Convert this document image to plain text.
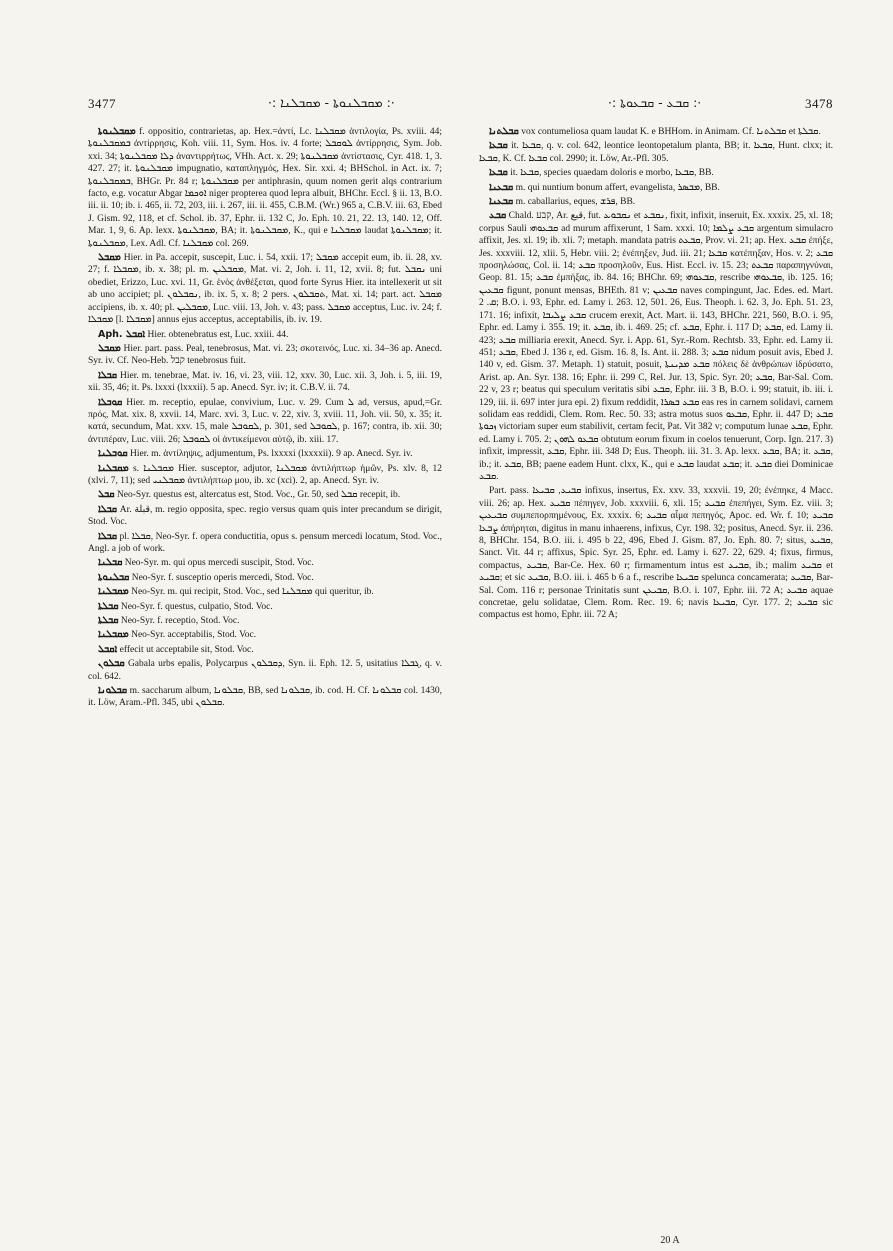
3477	·: ܡܩܒܠܢܘܬܐ - ܡܩܒܠܢܐ :·	·: ܩܒܥ - ܩܒܥܘܬܐ :·	3478

ܡܩܒܠܢܘܬܐ f. oppositio, contrarietas, ap. Hex.=ἀντί, Lc. ܡܩܒܠܢܐ ἀντιλογία, Ps. xviii. 44; ܒܡܩܒܠܢܘܬܐ ἀντίρρησις, Koh. viii. 11, Sym. Hos. iv. 4 forte; ܠܘܩܒܠ ἀντίρρησις, Sym. Job. xxi. 34; ܕܠܐ ܡܩܒܠܢܘܬܐ ἀναντιρρήτως, VHh. Act. x. 29; ܡܩܒܠܢܘܬܐ ἀντίστασις, Cyr. 418. 1, 3. 427. 27; it. ܡܩܒܠܢܘܬܐ impugnatio, καταπληγμός, Hex. Sir. xxi. 4; BHSchol. in Act. ix. 7; ܒܡܩܒܠܢܘܬܐ, BHGr. Pr. 84 r; ܡܩܒܠܢܘܬܐ per antiphrasin, quum nomen gerit alqs contrarium facto, e.g. vocatur Abgar ܐܘܟܡܐ niger propterea quod lepra albuit, BHChr. Eccl. § ii. 13, B.O. iii. ii. 10; ib. i. 465, ii. 72, 203, iii. i. 267, iii. ii. 455, C.B.M. (Wr.) 965 a, C.B.V. iii. 63, Ebed J. Gism. 92, 118, et cf. Schol. ib. 37, Ephr. ii. 132 C, Jo. Eph. 10. 21, 22. 13, 140. 12, Off. Mar. 1, 9, 6. Ap. lexx. ܡܩܒܠܢܘܬܐ, BA; it. ܡܩܒܠܢܘܬܐ, K., qui e ܡܩܒܠܢܐ laudat ܡܩܒܠܢܘܬܐ; it. ܡܩܒܠܢܘܬܐ, Lex. Adl. Cf. ܡܩܒܠܢܐ col. 269.

ܡܩܒܠ Hier. in Pa. accepit, suscepit, Luc. i. 54, xxii. 17; ܡܩܒܠ accepit eum, ib. ii. 28, xv. 27; f. ܡܩܒܠܐ, ib. x. 38; pl. m. ܡܩܒܠܝܢ, Mat. vi. 2, Joh. i. 11, 12, xvii. 8; fut. ܢܩܒܠ uni obediet, Erizzo, Luc. xvi. 11, Gr. ἑνὸς ἀνθέξεται, quod forte Syrus Hier. ita intellexerit ut sit ab uno accipiet; pl. ܢܩܒܠܘܢ, ib. ix. 5, x. 8; 2 pers. ܬܩܒܠܘܢ, Mat. xi. 14; part. act. ܡܩܒܠ accipiens, ib. x. 40; pl. ܡܩܒܠܝܢ, Luc. viii. 13, Joh. v. 43; pass. ܡܩܒܠ acceptus, Luc. iv. 24; f. ܡܩܒܠܐ [l. ܡܩܒܠܐ] annus ejus acceptus, acceptabilis, ib. iv. 19.

Aph. ܐܩܒܠ Hier. obtenebratus est, Luc. xxiii. 44.

ܡܩܒܠ Hier. part. pass. Peal, tenebrosus, Mat. vi. 23; σκοτεινός, Luc. xi. 34–36 ap. Anecd. Syr. iv. Cf. Neo-Heb. קבל tenebrosus fuit.

ܩܒܠܐ Hier. m. tenebrae, Mat. iv. 16, vi. 23, viii. 12, xxv. 30, Luc. xii. 3, Joh. i. 5, iii. 19, xii. 35, 46; it. Ps. lxxxi (lxxxii). 5 ap. Anecd. Syr. iv; it. C.B.V. ii. 74.

ܩܘܒܠܐ Hier. m. receptio, epulae, convivium, Luc. v. 29. Cum ܠ ad, versus, apud,=Gr. πρός, Mat. xix. 8, xxvii. 14, Marc. xvi. 3, Luc. v. 22, xiv. 3, xviii. 11, Joh. vii. 50, x. 35; it. κατά, secundum, Mat. xxv. 15, male ܠܩܘܒܠ, p. 301, sed ܠܩܘܒܠ, p. 167; contra, ib. xii. 30; ἀντιπέραν, Luc. viii. 26; ܠܩܘܒܠ οἱ ἀντικείμενοι αὐτῷ, ib. xiii. 17.

ܩܘܒܠܢܐ Hier. m. ἀντίληψις, adjumentum, Ps. lxxxxi (lxxxxii). 9 ap. Anecd. Syr. iv.

ܡܩܒܠܢܐ s. ܡܩܒܠܢܐ Hier. susceptor, adjutor, ܡܩܒܠܢܐ ἀντιλήπτωρ ἡμῶν, Ps. xlv. 8, 12 (xlvi. 7, 11); sed ܡܩܒܠܢܝ ἀντιλήπτωρ μου, ib. xc (xci). 2, ap. Anecd. Syr. iv.

ܩܒܠ Neo-Syr. questus est, altercatus est, Stod. Voc., Gr. 50, sed ܩܒܠ recepit, ib.

ܩܒܠܐ Ar. قبلة, m. regio opposita, spec. regio versus quam quis inter precandum se dirigit, Stod. Voc.

ܩܒܠܐ pl. ܩܒܠܐ, Neo-Syr. f. opera conductitia, opus s. pensum mercedi locatum, Stod. Voc., Angl. a job of work.

ܩܒܠܢܐ Neo-Syr. m. qui opus mercedi suscipit, Stod. Voc.

ܩܒܠܢܘܬܐ Neo-Syr. f. susceptio operis mercedi, Stod. Voc.

ܡܩܒܠܢܐ Neo-Syr. m. qui recipit, Stod. Voc., sed ܡܩܒܠܢܐ qui queritur, ib.

ܩܒܠܬܐ Neo-Syr. f. questus, culpatio, Stod. Voc.

ܩܒܠܬܐ Neo-Syr. f. receptio, Stod. Voc.

ܡܩܒܠܢܐ Neo-Syr. acceptabilis, Stod. Voc.

ܐܩܒܠ effecit ut acceptabile sit, Stod. Voc.

ܩܒܠܘܢ Gabala urbs epalis, Polycarpus ܕܩܒܠܘܢ, Syn. ii. Eph. 12. 5, usitatius ܓܒܠܐ, q. v. col. 642.

ܩܒܠܘܢܐ m. saccharum album, ܩܒܠܘܢܐ, BB, sed ܩܒܠܘܢܐ, ib. cod. H. Cf. ܩܒܠܘܢܐ col. 1430, it. Löw, Aram.-Pfl. 345, ubi ܩܒܠܘܢ.

ܩܒܠܬܢܐ vox contumeliosa quam laudat K. e BHHom. in Animam. Cf. ܩܒܠܬܢܐ et ܩܒܠܬܐ.

ܩܒܥܐ it. ܩܒܥܐ, q. v. col. 642, leontice leontopetalum planta, BB; it. ܩܒܥܐ, Hunt. clxx; it. ܩܒܥܐ, K. Cf. ܩܒܥܐ col. 2990; it. Löw, Ar.-Pfl. 305.

ܩܒܥܐ it. ܩܒܥܐ, species quaedam doloris e morbo, ܩܒܥܐ, BB.

ܩܒܥܢܐ m. qui nuntium bonum affert, evangelista, ܡܒܣܪ, BB.

ܩܒܥܢܐ m. caballarius, eques, ܦܪܫ, BB.

ܩܒܥ Chald. קבע, Ar. قبع, fut. ܢܩܒܘܥ et ܢܩܒܥ, fixit, infixit, inseruit, Ex. xxxix. 25, xl. 18; corpus Sauli ܩܒܥܘܗܝ ad murum affixerunt, 1 Sam. xxxi. 10; ܩܒܥ ܨܠܡܐ argentum simulacro affixit, Jes. xl. 19; ib. xli. 7; metaph. mandata patris ܩܒܥܬ, Prov. vi. 21; ap. Hex. ܩܒܥ ἐπήξε, Jes. xxxviii. 12, xlii. 5, Hebr. viii. 2; ἐνέπηξεν, Jud. iii. 21; ܩܒܥܐ κατέπηξαν, Hos. v. 2; ܩܒܥ προσηλώσας, Col. ii. 14; ܩܒܥ προσηλοῦν, Eus. Hist. Eccl. iv. 15. 23; ܩܒܥܬ παραπηγνύναι, Geop. 81. 15; ܩܒܥ ἐμπήξας, ib. 84. 16; BHChr. 69; ܩܒܥܘܗܝ, rescribe ܩܒܥܘܗܝ, ib. 125. 16; ܩܒܥܝܢ figunt, ponunt mensas, BHEth. 81 v; ܩܒܥܝܢ naves compingunt, Jac. Edes. ed. Mart. ܩ. 2; B.O. i. 93, Ephr. ed. Lamy i. 263. 12, 501. 26, Eus. Theoph. i. 62. 3, Jo. Eph. 51. 23, 171. 16; infixit, ܩܒܥ ܨܠܝܒܐ crucem erexit, Act. Mart. ii. 143, BHChr. 221, 560, B.O. i. 95, Ephr. ed. Lamy i. 355. 19; it. ܩܒܥ, ib. i. 469. 25; cf. ܩܒܥ, Ephr. i. 117 D; ܩܒܥ, ed. Lamy ii. 423; ܩܒܥ milliaria erexit, Anecd. Syr. i. App. 61, Syr.-Rom. Rechtsb. 33, Ephr. ed. Lamy ii. 451; ܩܒܥ, Ebed J. 136 r, ed. Gism. 16. 8, Is. Ant. ii. 288. 3; ܩܒܥ nidum posuit avis, Ebed J. 140 v, ed. Gism. 37. Metaph. 1) statuit, posuit, ܩܒܥ ܡܕܝܢܬܐ πόλεις δὲ ἀνθρώπων ἱδρύσατο, Arist. ap. An. Syr. 138. 16; Ephr. ii. 299 C, Rel. Jur. 13, Spic. Syr. 20; ܩܒܥ, Bar-Sal. Com. 22 v, 23 r; beatus qui speculum veritatis sibi ܩܒܥ, Ephr. iii. 3 B, B.O. i. 99; statuit, ib. iii. i. 129, iii. ii. 697 inter jura epi. 2) fixum reddidit, ܩܒܥ ܒܣܪܐ eas res in carnem solidavi, carnem solidam eas reddidi, Clem. Rom. Rec. 50. 33; astra motus suos ܩܒܥܘ, Ephr. ii. 447 D; ܩܒܥ ܙܟܘܬܐ victoriam super eum stabilivit, certam fecit, Pat. Vit 382 v; computum lunae ܩܒܥ, Ephr. ed. Lamy i. 705. 2; ܩܒܥܘ ܠܗܘܢ obtutum eorum fixum in coelos tenuerunt, Corp. Ign. 217. 3) infixit, impressit, ܩܒܥ, Ephr. iii. 348 D; Eus. Theoph. iii. 31. 3. Ap. lexx. ܩܒܥ, BA; it. ܩܒܥ, ib.; it. ܩܒܥ, BB; paene eadem Hunt. clxx, K., qui e ܩܒܥ laudat ܩܒܥ; it. ܩܒܥ diei Dominicae ܩܒܥ.

Part. pass. ܩܒܝܥ, ܩܒܝܥܐ infixus, insertus, Ex. xxv. 33, xxxvii. 19, 20; ἐνέπηκε, 4 Macc. viii. 26; ap. Hex. ܩܒܝܥ πέπηγεν, Job. xxxviii. 6, xli. 15; ܩܒܝܥ ἐπεπήγει, Sym. Ez. viii. 3; ܩܒܝܥܝܢ συμπεπορπημένους, Ex. xxxix. 6; ܩܒܝܥ αἷμα πεπηγός, Apoc. ed. Wr. f. 10; ܩܒܝܥ ܨܒܥܐ ἀπήρηται, digitus in manu inhaerens, infixus, Cyr. 198. 32; positus, Anecd. Syr. ii. 236. 8, BHChr. 154, B.O. iii. i. 495 b 22, 496, Ebed J. Gism. 87, Jo. Eph. 80. 7; situs, ܩܒܝܥ, Sanct. Vit. 44 r; affixus, Spic. Syr. 25, Ephr. ed. Lamy i. 627. 22, 629. 4; fixus, firmus, compactus, ܩܒܝܥ, Bar-Ce. Hex. 60 r; firmamentum intus est ܩܒܝܥ, ib.; malim ܩܒܝܥ et ܩܒܝܥ; et sic ܩܒܝܥ, B.O. iii. i. 465 b 6 a f., rescribe ܩܒܝܥܐ spelunca concamerata; ܩܒܝܥ, Bar-Sal. Com. 116 r; personae Trinitatis sunt ܩܒܝܥܢ, B.O. i. 107, Ephr. iii. 72 A; ܩܒܝܥ aquae concretae, gelu solidatae, Clem. Rom. Rec. 19. 6; navis ܩܒܝܥܐ, Cyr. 177. 2; ܩܒܝܥ sic compactus est homo, Ephr. iii. 72 A;

20 A
